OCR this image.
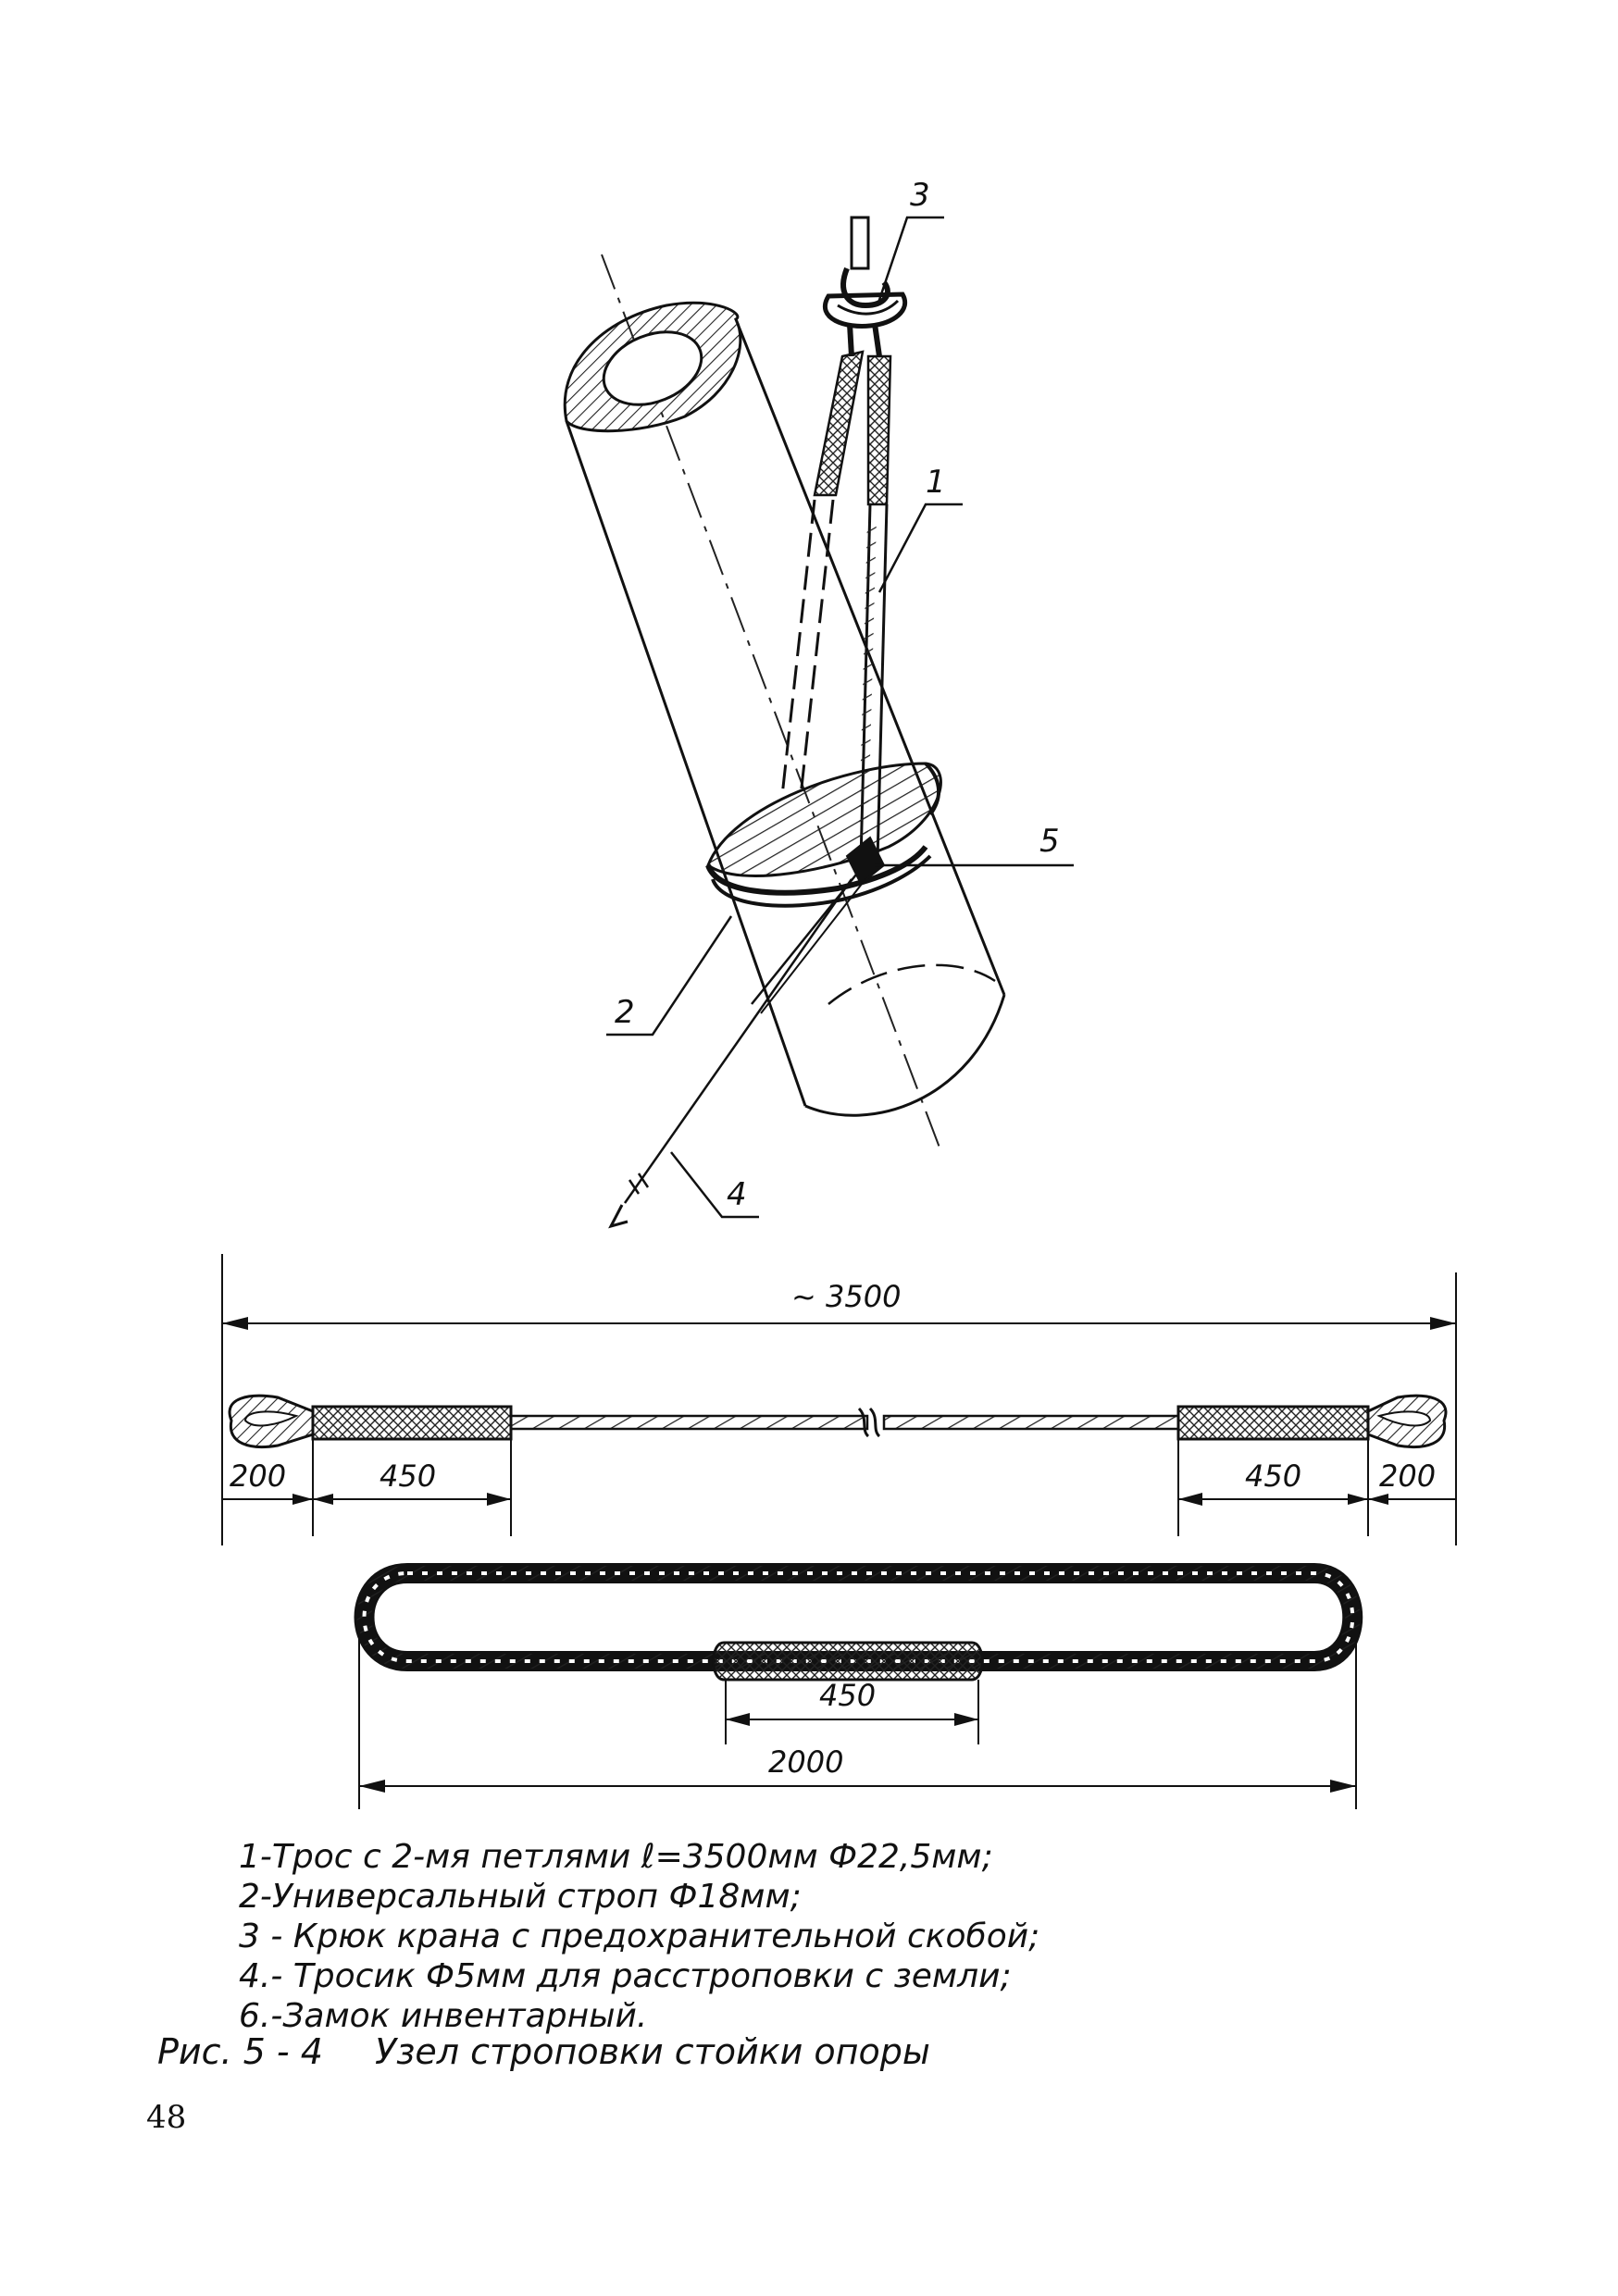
3
1
5
2
4
~ 3500
200	450	450	200
450
2000
1-Трос с 2-мя петлями ℓ=3500мм Ф22,5мм;
2-Универсальный строп Ф18мм;
3 - Крюк крана с предохранительной скобой;
4.- Тросик Ф5мм для расстроповки с земли;
6.-Замок инвентарный.
Рис. 5 - 4 Узел строповки стойки опоры
48
